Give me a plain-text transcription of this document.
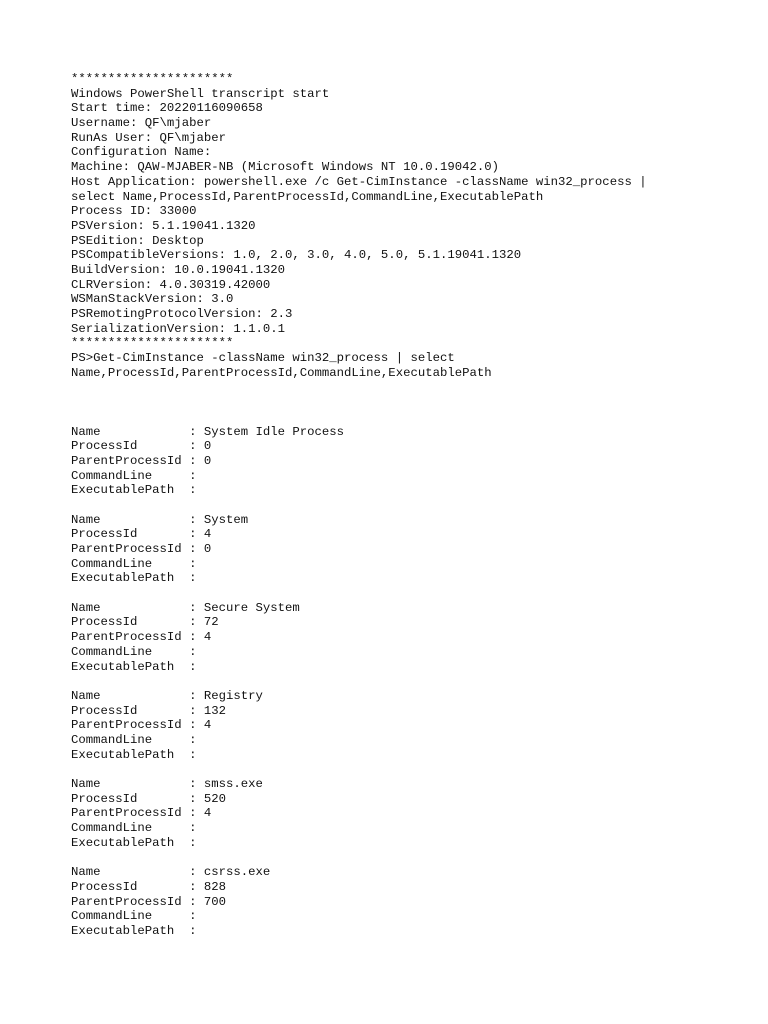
**********************
Windows PowerShell transcript start
Start time: 20220116090658
Username: QF\mjaber
RunAs User: QF\mjaber
Configuration Name:
Machine: QAW-MJABER-NB (Microsoft Windows NT 10.0.19042.0)
Host Application: powershell.exe /c Get-CimInstance -className win32_process |
select Name,ProcessId,ParentProcessId,CommandLine,ExecutablePath
Process ID: 33000
PSVersion: 5.1.19041.1320
PSEdition: Desktop
PSCompatibleVersions: 1.0, 2.0, 3.0, 4.0, 5.0, 5.1.19041.1320
BuildVersion: 10.0.19041.1320
CLRVersion: 4.0.30319.42000
WSManStackVersion: 3.0
PSRemotingProtocolVersion: 2.3
SerializationVersion: 1.1.0.1
**********************
PS>Get-CimInstance -className win32_process | select
Name,ProcessId,ParentProcessId,CommandLine,ExecutablePath
Name            : System Idle Process
ProcessId       : 0
ParentProcessId : 0
CommandLine     :
ExecutablePath  :
Name            : System
ProcessId       : 4
ParentProcessId : 0
CommandLine     :
ExecutablePath  :
Name            : Secure System
ProcessId       : 72
ParentProcessId : 4
CommandLine     :
ExecutablePath  :
Name            : Registry
ProcessId       : 132
ParentProcessId : 4
CommandLine     :
ExecutablePath  :
Name            : smss.exe
ProcessId       : 520
ParentProcessId : 4
CommandLine     :
ExecutablePath  :
Name            : csrss.exe
ProcessId       : 828
ParentProcessId : 700
CommandLine     :
ExecutablePath  :
